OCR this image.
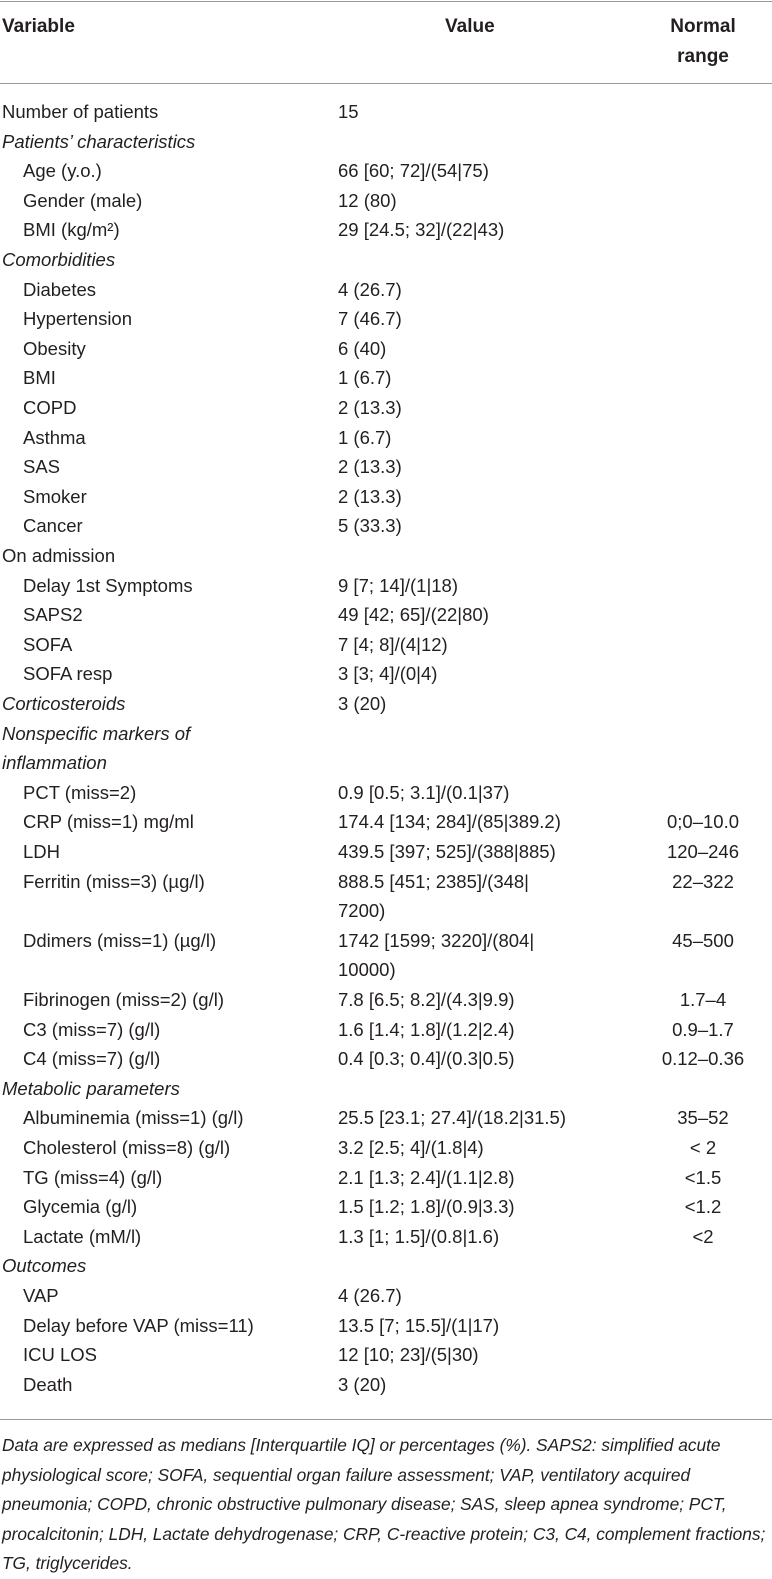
Variable	Value	Normal
range
Number of patients	15
Patients’ characteristics
Age (y.o.)	66 [60; 72]/(54|75)
Gender (male)	12 (80)
BMI (kg/m²)	29 [24.5; 32]/(22|43)
Comorbidities
Diabetes	4 (26.7)
Hypertension	7 (46.7)
Obesity	6 (40)
BMI	1 (6.7)
COPD	2 (13.3)
Asthma	1 (6.7)
SAS	2 (13.3)
Smoker	2 (13.3)
Cancer	5 (33.3)
On admission
Delay 1st Symptoms	9 [7; 14]/(1|18)
SAPS2	49 [42; 65]/(22|80)
SOFA	7 [4; 8]/(4|12)
SOFA resp	3 [3; 4]/(0|4)
Corticosteroids	3 (20)
Nonspecific markers of
inflammation
PCT (miss=2)	0.9 [0.5; 3.1]/(0.1|37)
CRP (miss=1) mg/ml	174.4 [134; 284]/(85|389.2)	0;0–10.0
LDH	439.5 [397; 525]/(388|885)	120–246
Ferritin (miss=3) (µg/l)	888.5 [451; 2385]/(348|	22–322
7200)
Ddimers (miss=1) (µg/l)	1742 [1599; 3220]/(804|	45–500
10000)
Fibrinogen (miss=2) (g/l)	7.8 [6.5; 8.2]/(4.3|9.9)	1.7–4
C3 (miss=7) (g/l)	1.6 [1.4; 1.8]/(1.2|2.4)	0.9–1.7
C4 (miss=7) (g/l)	0.4 [0.3; 0.4]/(0.3|0.5)	0.12–0.36
Metabolic parameters
Albuminemia (miss=1) (g/l)	25.5 [23.1; 27.4]/(18.2|31.5)	35–52
Cholesterol (miss=8) (g/l)	3.2 [2.5; 4]/(1.8|4)	< 2
TG (miss=4) (g/l)	2.1 [1.3; 2.4]/(1.1|2.8)	<1.5
Glycemia (g/l)	1.5 [1.2; 1.8]/(0.9|3.3)	<1.2
Lactate (mM/l)	1.3 [1; 1.5]/(0.8|1.6)	<2
Outcomes
VAP	4 (26.7)
Delay before VAP (miss=11)	13.5 [7; 15.5]/(1|17)
ICU LOS	12 [10; 23]/(5|30)
Death	3 (20)
Data are expressed as medians [Interquartile IQ] or percentages (%). SAPS2: simplified acute physiological score; SOFA, sequential organ failure assessment; VAP, ventilatory acquired pneumonia; COPD, chronic obstructive pulmonary disease; SAS, sleep apnea syndrome; PCT, procalcitonin; LDH, Lactate dehydrogenase; CRP, C-reactive protein; C3, C4, complement fractions; TG, triglycerides.
